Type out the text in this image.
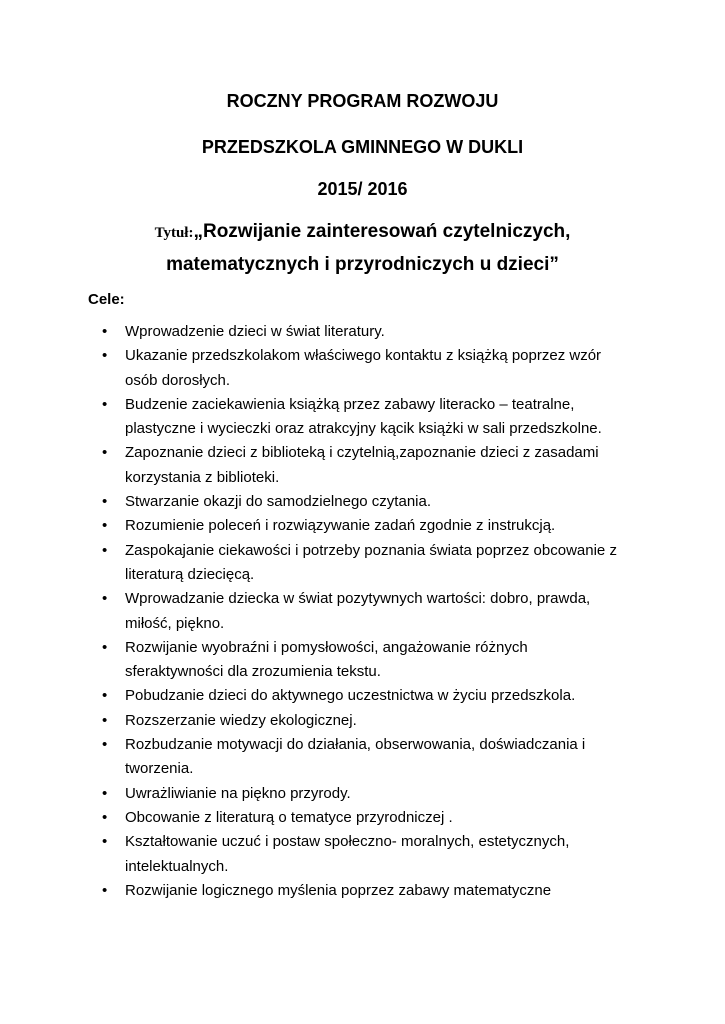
ROCZNY PROGRAM ROZWOJU
PRZEDSZKOLA GMINNEGO W DUKLI
2015/ 2016
Tytuł:„Rozwijanie zainteresowań czytelniczych,
matematycznych i przyrodniczych u dzieci”
Cele:
• Wprowadzenie dzieci w świat literatury.
• Ukazanie przedszkolakom właściwego kontaktu z książką poprzez wzór
osób dorosłych.
• Budzenie zaciekawienia książką przez zabawy literacko – teatralne,
plastyczne i wycieczki oraz atrakcyjny kącik książki w sali przedszkolne.
• Zapoznanie dzieci z biblioteką i czytelnią,zapoznanie dzieci z zasadami
korzystania z biblioteki.
• Stwarzanie okazji do samodzielnego czytania.
• Rozumienie poleceń i rozwiązywanie zadań zgodnie z instrukcją.
• Zaspokajanie ciekawości i potrzeby poznania świata poprzez obcowanie z
literaturą dziecięcą.
• Wprowadzanie dziecka w świat pozytywnych wartości: dobro, prawda,
miłość, piękno.
• Rozwijanie wyobraźni i pomysłowości, angażowanie różnych
sferaktywności dla zrozumienia tekstu.
• Pobudzanie dzieci do aktywnego uczestnictwa w życiu przedszkola.
• Rozszerzanie wiedzy ekologicznej.
• Rozbudzanie motywacji do działania, obserwowania, doświadczania i
tworzenia.
• Uwrażliwianie na piękno przyrody.
• Obcowanie z literaturą o tematyce przyrodniczej .
• Kształtowanie uczuć i postaw społeczno- moralnych, estetycznych,
intelektualnych.
• Rozwijanie logicznego myślenia poprzez zabawy matematyczne
